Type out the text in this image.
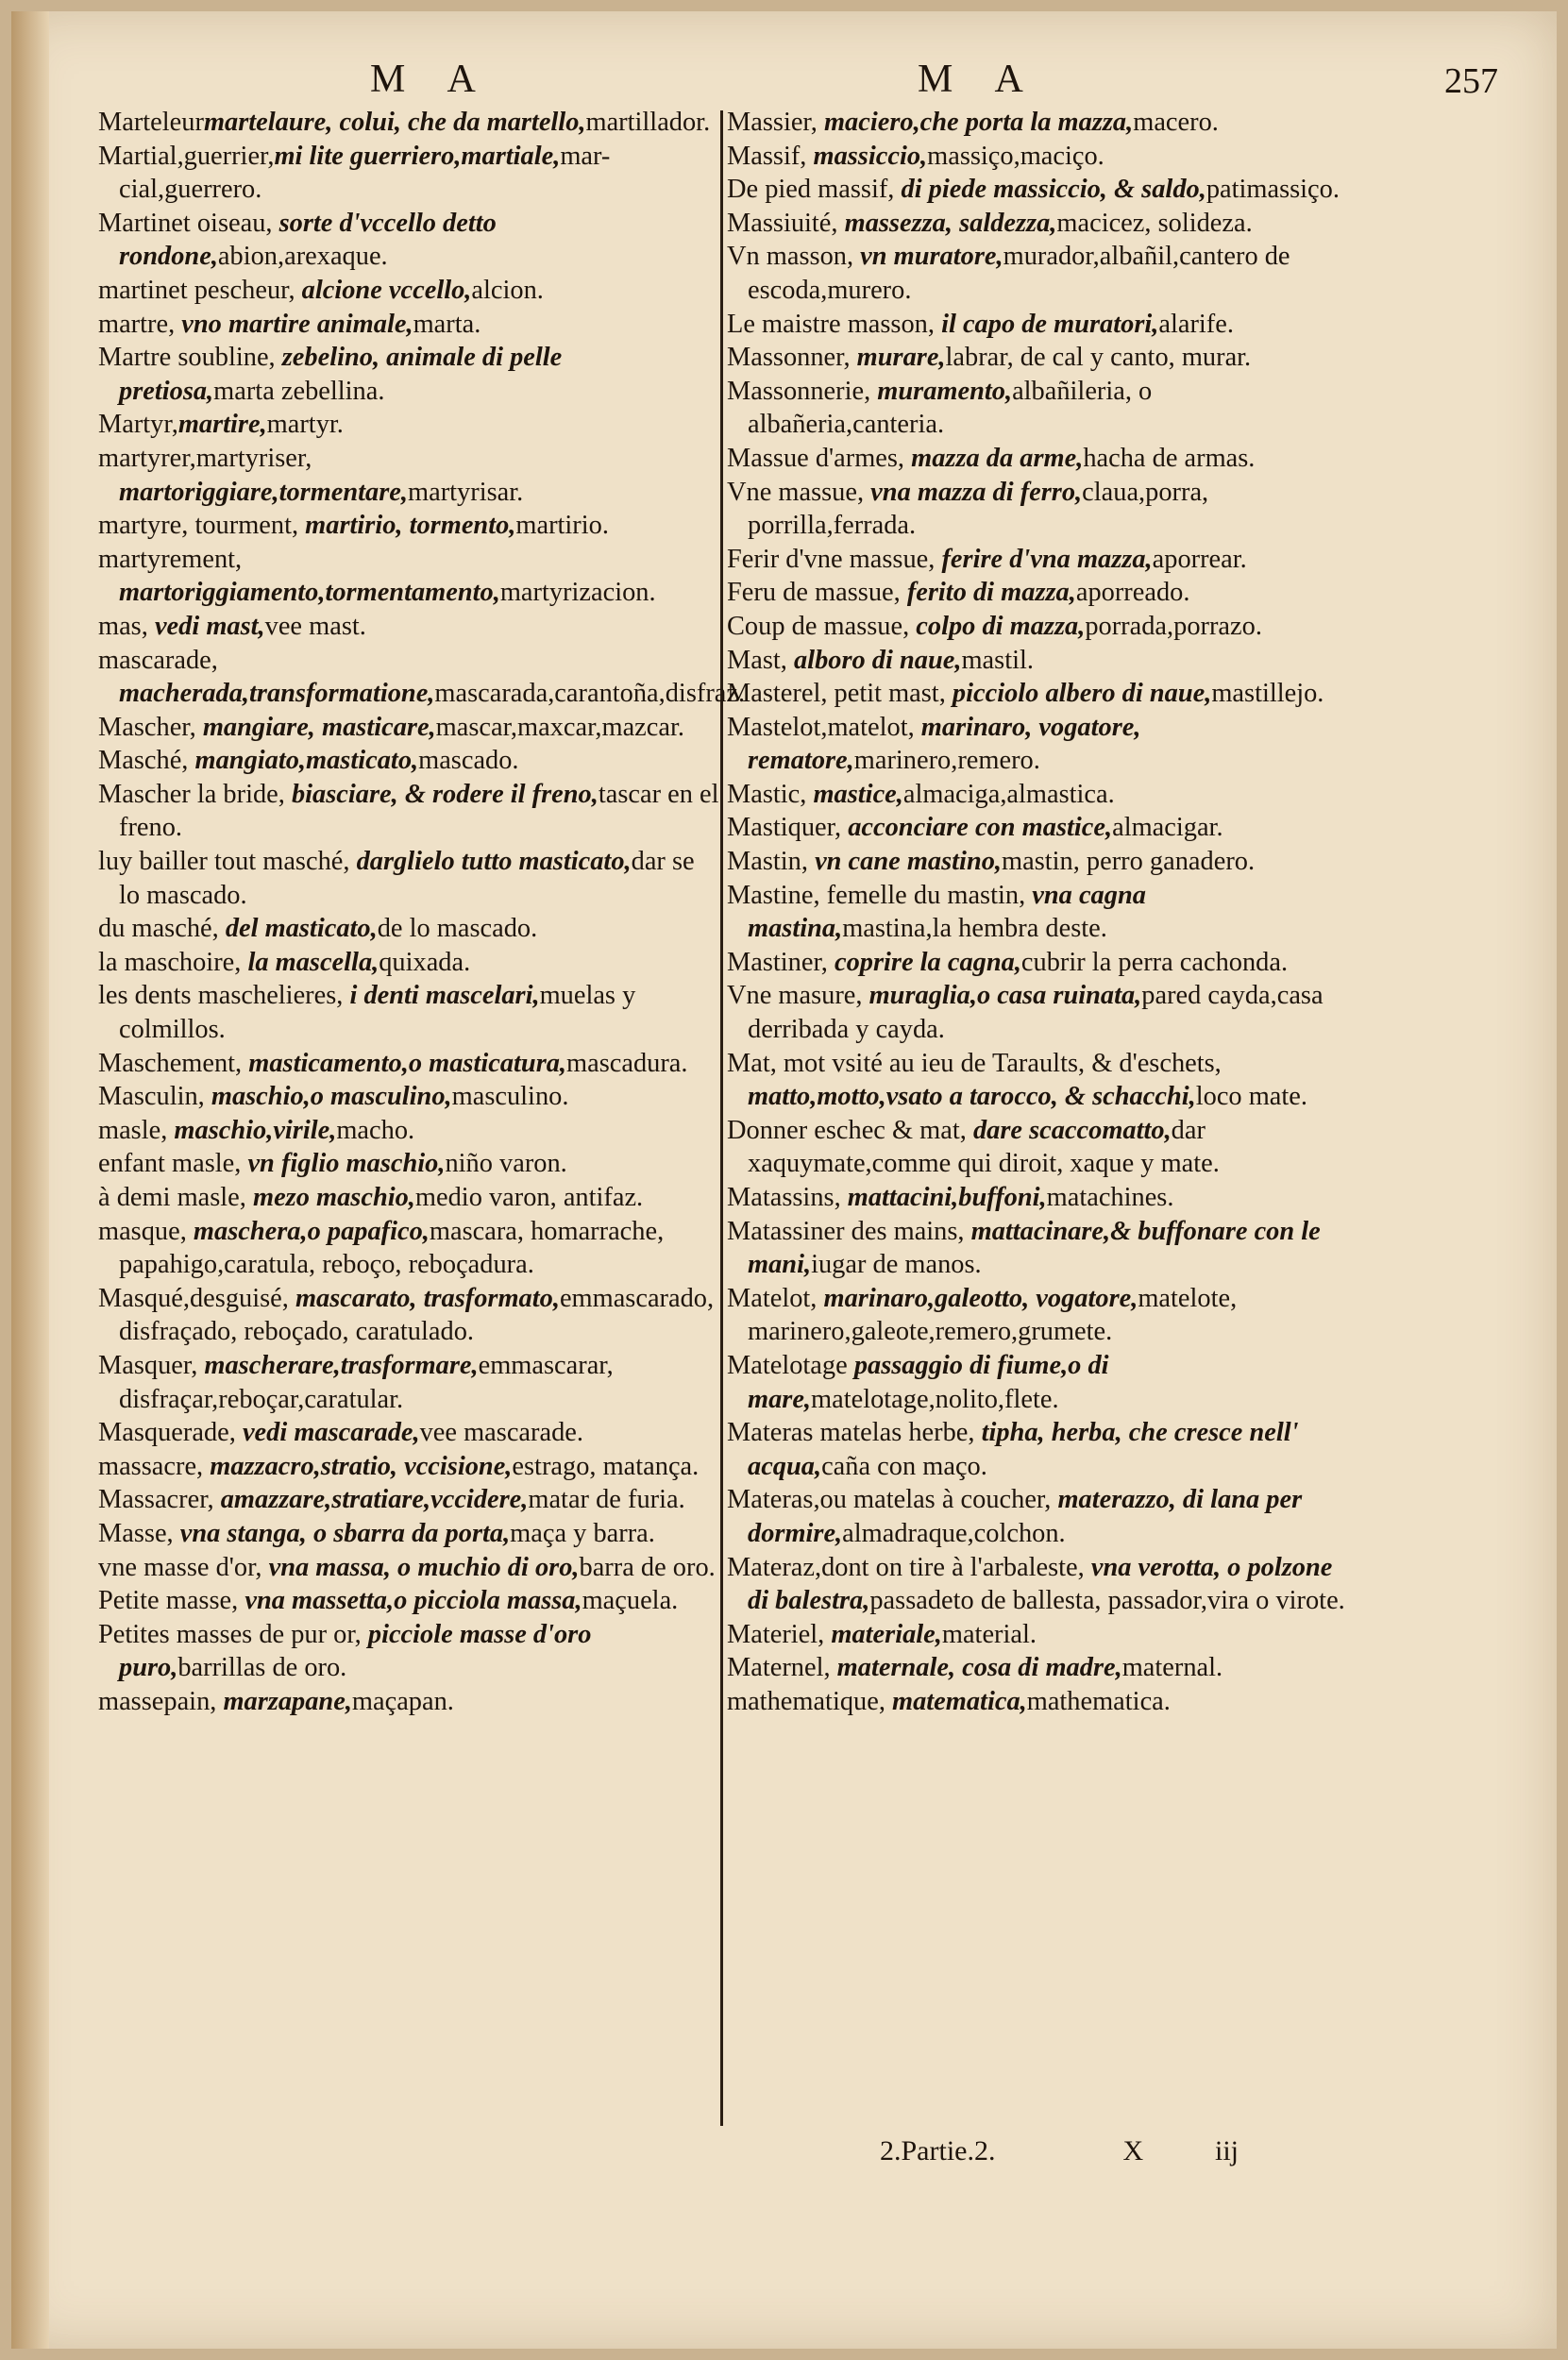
M A	M A	257

Marteleurmartelaure, colui, che da martello,martillador.

Martial,guerrier,mi lite guerriero,martiale,mar-cial,guerrero.

Martinet oiseau, sorte d'vccello detto rondone,abion,arexaque.

martinet pescheur, alcione vccello,alcion.

martre, vno martire animale,marta.

Martre soubline, zebelino, animale di pelle pretiosa,marta zebellina.

Martyr,martire,martyr.

martyrer,martyriser, martoriggiare,tormentare,martyrisar.

martyre, tourment, martirio, tormento,martirio.

martyrement, martoriggiamento,tormentamento,martyrizacion.

mas, vedi mast,vee mast.

mascarade, macherada,transformatione,mascarada,carantoña,disfraz.

Mascher, mangiare, masticare,mascar,maxcar,mazcar.

Masché, mangiato,masticato,mascado.

Mascher la bride, biasciare, & rodere il freno,tascar en el freno.

luy bailler tout masché, darglielo tutto masticato,dar se lo mascado.

du masché, del masticato,de lo mascado.

la maschoire, la mascella,quixada.

les dents maschelieres, i denti mascelari,muelas y colmillos.

Maschement, masticamento,o masticatura,mascadura.

Masculin, maschio,o masculino,masculino.

masle, maschio,virile,macho.

enfant masle, vn figlio maschio,niño varon.

à demi masle, mezo maschio,medio varon, antifaz.

masque, maschera,o papafico,mascara, homarrache, papahigo,caratula, reboço, reboçadura.

Masqué,desguisé, mascarato, trasformato,emmascarado, disfraçado, reboçado, caratulado.

Masquer, mascherare,trasformare,emmascarar, disfraçar,reboçar,caratular.

Masquerade, vedi mascarade,vee mascarade.

massacre, mazzacro,stratio, vccisione,estrago, matança.

Massacrer, amazzare,stratiare,vccidere,matar de furia.

Masse, vna stanga, o sbarra da porta,maça y barra.

vne masse d'or, vna massa, o muchio di oro,barra de oro.

Petite masse, vna massetta,o picciola massa,maçuela.

Petites masses de pur or, picciole masse d'oro puro,barrillas de oro.

massepain, marzapane,maçapan.

Massier, maciero,che porta la mazza,macero.

Massif, massiccio,massiço,maciço.

De pied massif, di piede massiccio, & saldo,patimassiço.

Massiuité, massezza, saldezza,macicez, solideza.

Vn masson, vn muratore,murador,albañil,cantero de escoda,murero.

Le maistre masson, il capo de muratori,alarife.

Massonner, murare,labrar, de cal y canto, murar.

Massonnerie, muramento,albañileria, o albañeria,canteria.

Massue d'armes, mazza da arme,hacha de armas.

Vne massue, vna mazza di ferro,claua,porra, porrilla,ferrada.

Ferir d'vne massue, ferire d'vna mazza,aporrear.

Feru de massue, ferito di mazza,aporreado.

Coup de massue, colpo di mazza,porrada,porrazo.

Mast, alboro di naue,mastil.

Masterel, petit mast, picciolo albero di naue,mastillejo.

Mastelot,matelot, marinaro, vogatore, rematore,marinero,remero.

Mastic, mastice,almaciga,almastica.

Mastiquer, acconciare con mastice,almacigar.

Mastin, vn cane mastino,mastin, perro ganadero.

Mastine, femelle du mastin, vna cagna mastina,mastina,la hembra deste.

Mastiner, coprire la cagna,cubrir la perra cachonda.

Vne masure, muraglia,o casa ruinata,pared cayda,casa derribada y cayda.

Mat, mot vsité au ieu de Taraults, & d'eschets, matto,motto,vsato a tarocco, & schacchi,loco mate.

Donner eschec & mat, dare scaccomatto,dar xaquymate,comme qui diroit, xaque y mate.

Matassins, mattacini,buffoni,matachines.

Matassiner des mains, mattacinare,& buffonare con le mani,iugar de manos.

Matelot, marinaro,galeotto, vogatore,matelote, marinero,galeote,remero,grumete.

Matelotage passaggio di fiume,o di mare,matelotage,nolito,flete.

Materas matelas herbe, tipha, herba, che cresce nell' acqua,caña con maço.

Materas,ou matelas à coucher, materazzo, di lana per dormire,almadraque,colchon.

Materaz,dont on tire à l'arbaleste, vna verotta, o polzone di balestra,passadeto de ballesta, passador,vira o virote.

Materiel, materiale,material.

Maternel, maternale, cosa di madre,maternal.

mathematique, matematica,mathematica.

2.Partie.2.	X	iij
